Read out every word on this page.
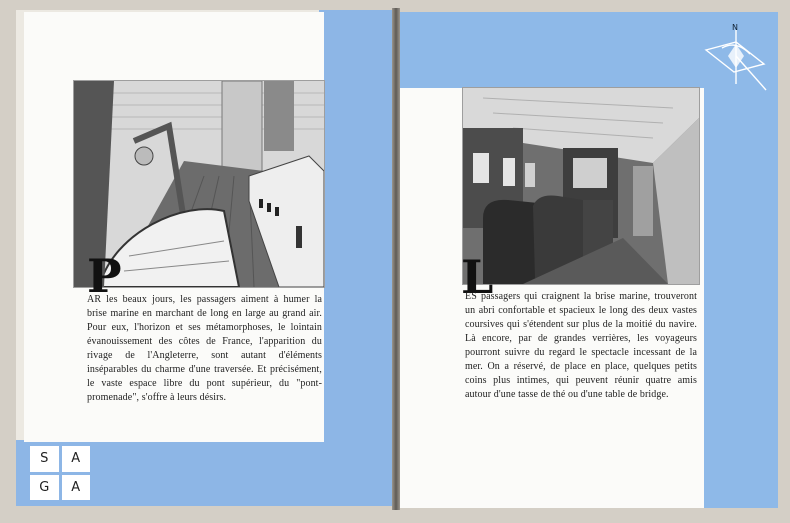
P

AR les beaux jours, les passagers aiment à humer la brise marine en marchant de long en large au grand air. Pour eux, l'horizon et ses métamorphoses, le lointain évanouissement des côtes de France, l'apparition du rivage de l'Angleterre, sont autant d'éléments inséparables du charme d'une traversée. Et précisément, le vaste espace libre du pont supérieur, du "pont-promenade", s'offre à leurs désirs.

L

ES passagers qui craignent la brise marine, trouveront un abri confortable et spacieux le long des deux vastes coursives qui s'étendent sur plus de la moitié du navire. Là encore, par de grandes verrières, les voyageurs pourront suivre du regard le spectacle incessant de la mer. On a réservé, de place en place, quelques petits coins plus intimes, qui peuvent réunir quatre amis autour d'une tasse de thé ou d'une table de bridge.

S	A
G	A
N
